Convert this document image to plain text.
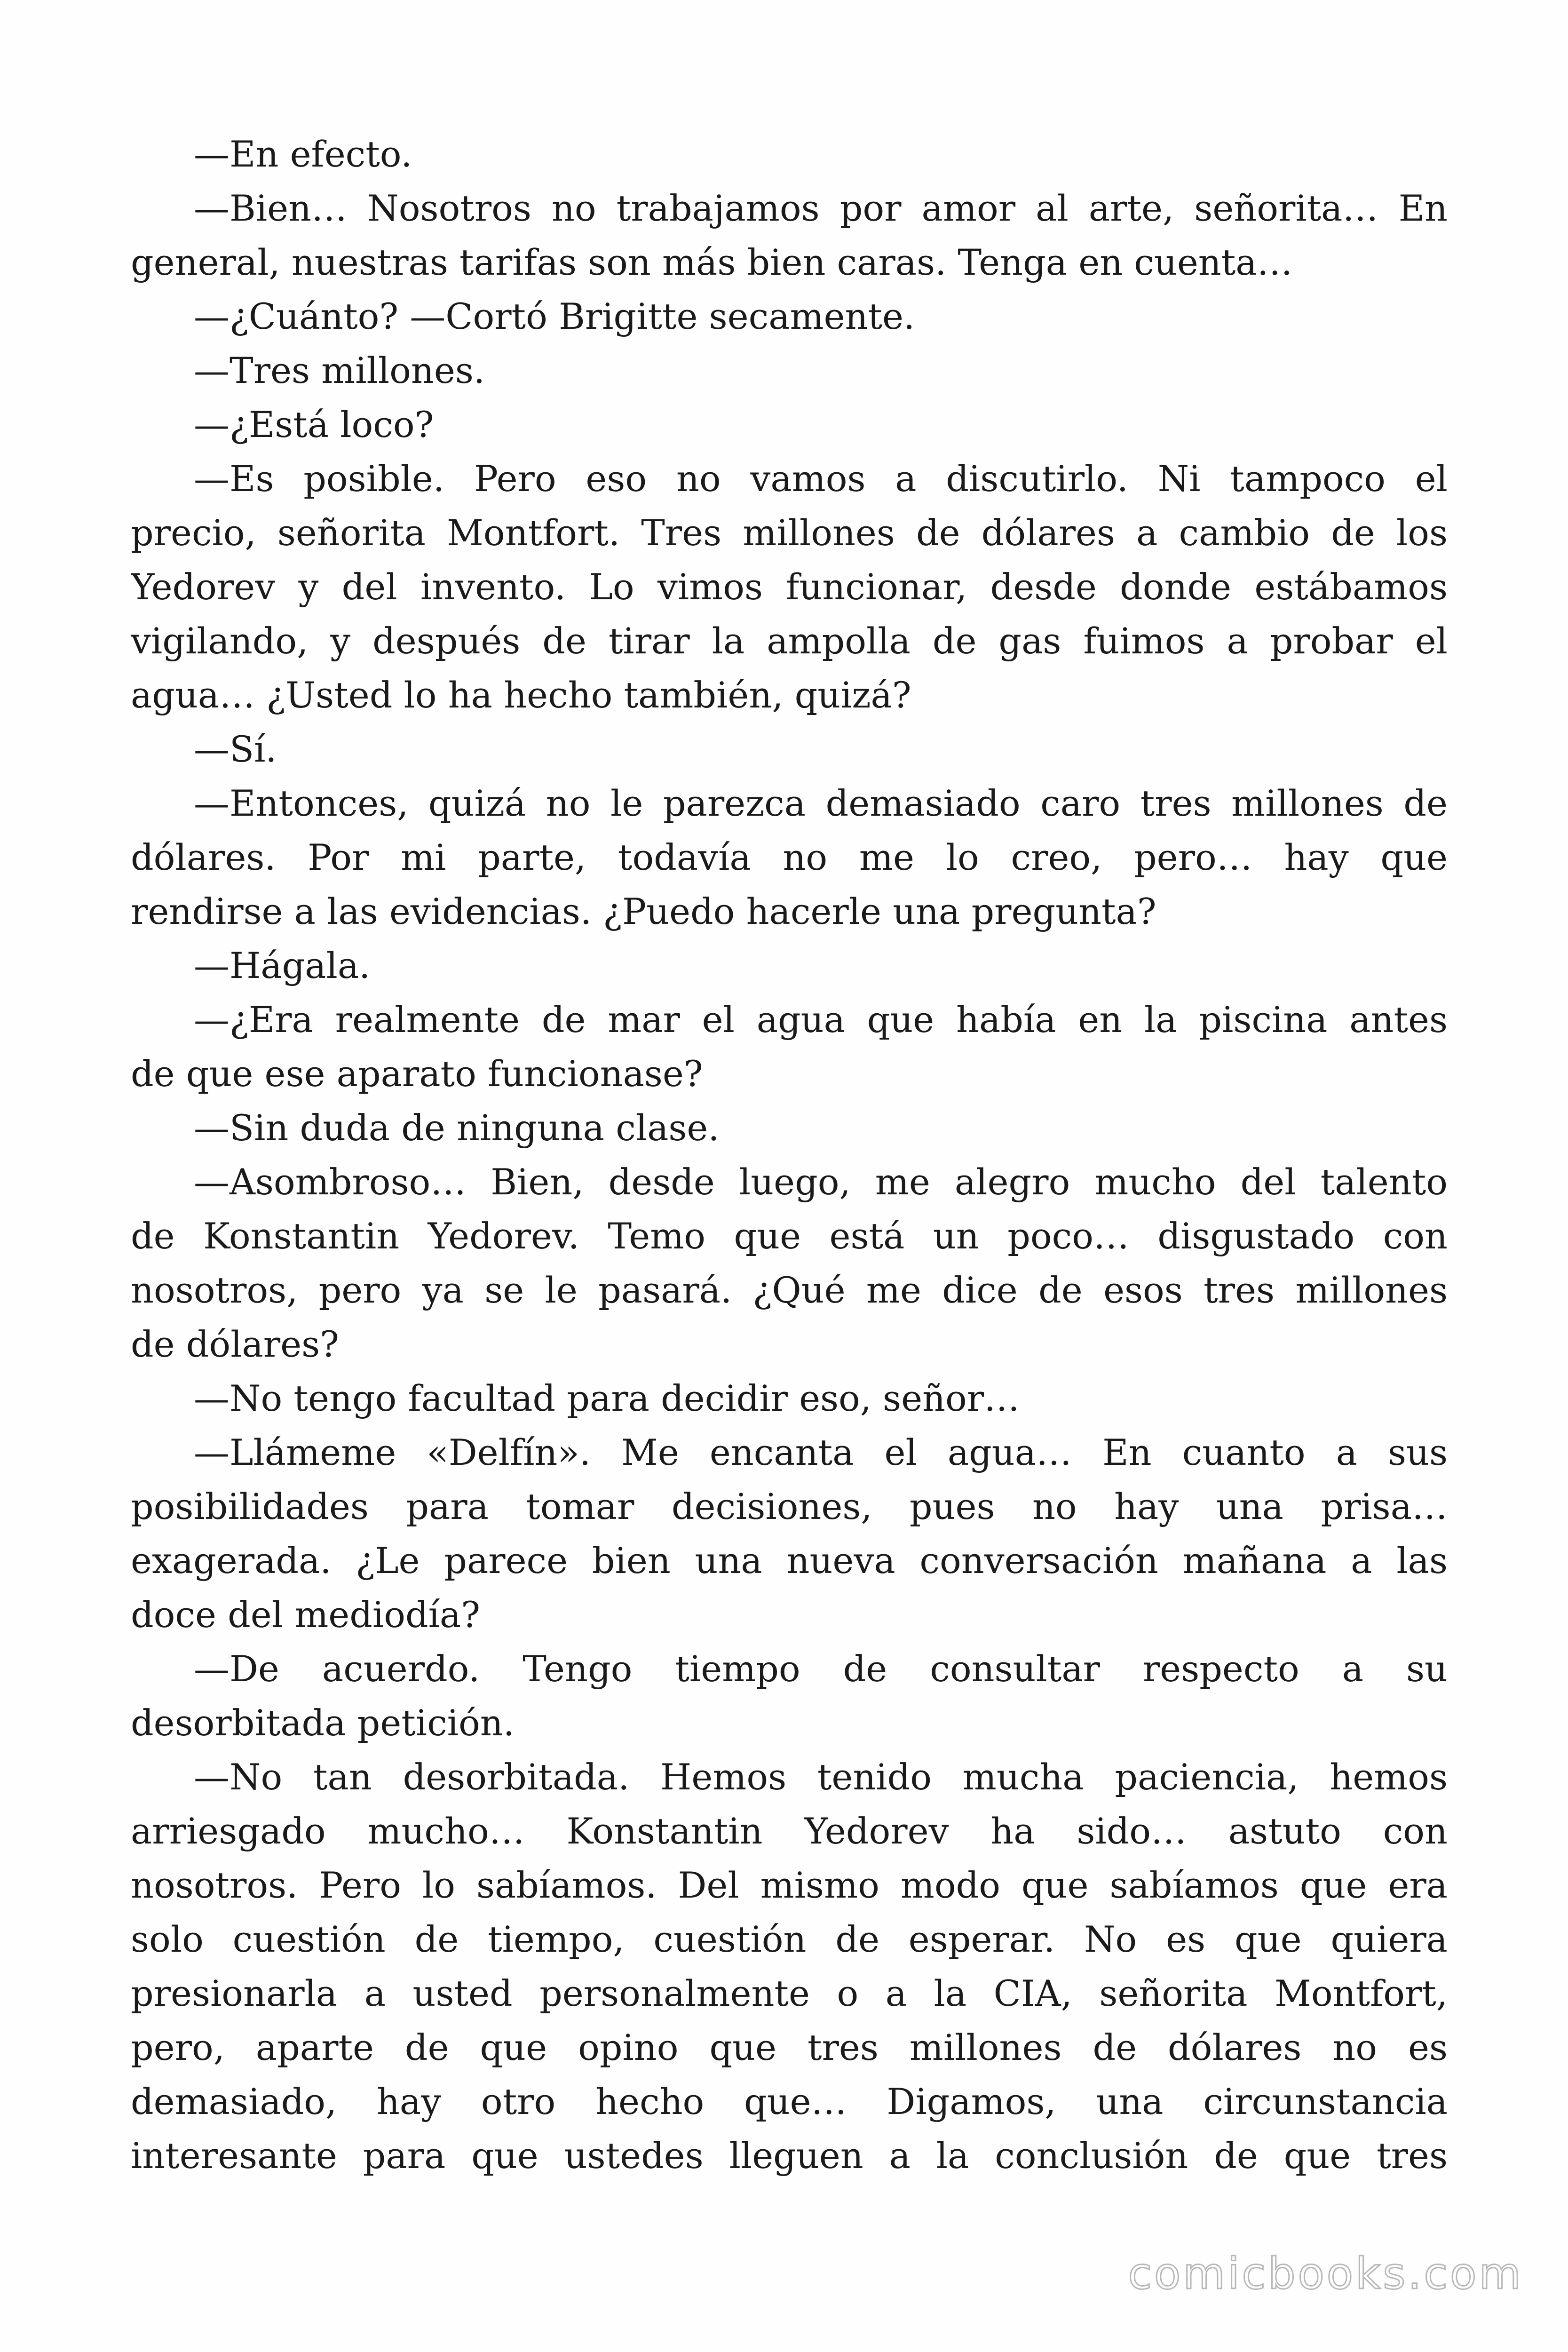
—En efecto.
—Bien… Nosotros no trabajamos por amor al arte, señorita… En
general, nuestras tarifas son más bien caras. Tenga en cuenta…
—¿Cuánto? —Cortó Brigitte secamente.
—Tres millones.
—¿Está loco?
—Es posible. Pero eso no vamos a discutirlo. Ni tampoco el
precio, señorita Montfort. Tres millones de dólares a cambio de los
Yedorev y del invento. Lo vimos funcionar, desde donde estábamos
vigilando, y después de tirar la ampolla de gas fuimos a probar el
agua… ¿Usted lo ha hecho también, quizá?
—Sí.
—Entonces, quizá no le parezca demasiado caro tres millones de
dólares. Por mi parte, todavía no me lo creo, pero… hay que
rendirse a las evidencias. ¿Puedo hacerle una pregunta?
—Hágala.
—¿Era realmente de mar el agua que había en la piscina antes
de que ese aparato funcionase?
—Sin duda de ninguna clase.
—Asombroso… Bien, desde luego, me alegro mucho del talento
de Konstantin Yedorev. Temo que está un poco… disgustado con
nosotros, pero ya se le pasará. ¿Qué me dice de esos tres millones
de dólares?
—No tengo facultad para decidir eso, señor…
—Llámeme «Delfín». Me encanta el agua… En cuanto a sus
posibilidades para tomar decisiones, pues no hay una prisa…
exagerada. ¿Le parece bien una nueva conversación mañana a las
doce del mediodía?
—De acuerdo. Tengo tiempo de consultar respecto a su
desorbitada petición.
—No tan desorbitada. Hemos tenido mucha paciencia, hemos
arriesgado mucho… Konstantin Yedorev ha sido… astuto con
nosotros. Pero lo sabíamos. Del mismo modo que sabíamos que era
solo cuestión de tiempo, cuestión de esperar. No es que quiera
presionarla a usted personalmente o a la CIA, señorita Montfort,
pero, aparte de que opino que tres millones de dólares no es
demasiado, hay otro hecho que… Digamos, una circunstancia
interesante para que ustedes lleguen a la conclusión de que tres
comicbooks.com
